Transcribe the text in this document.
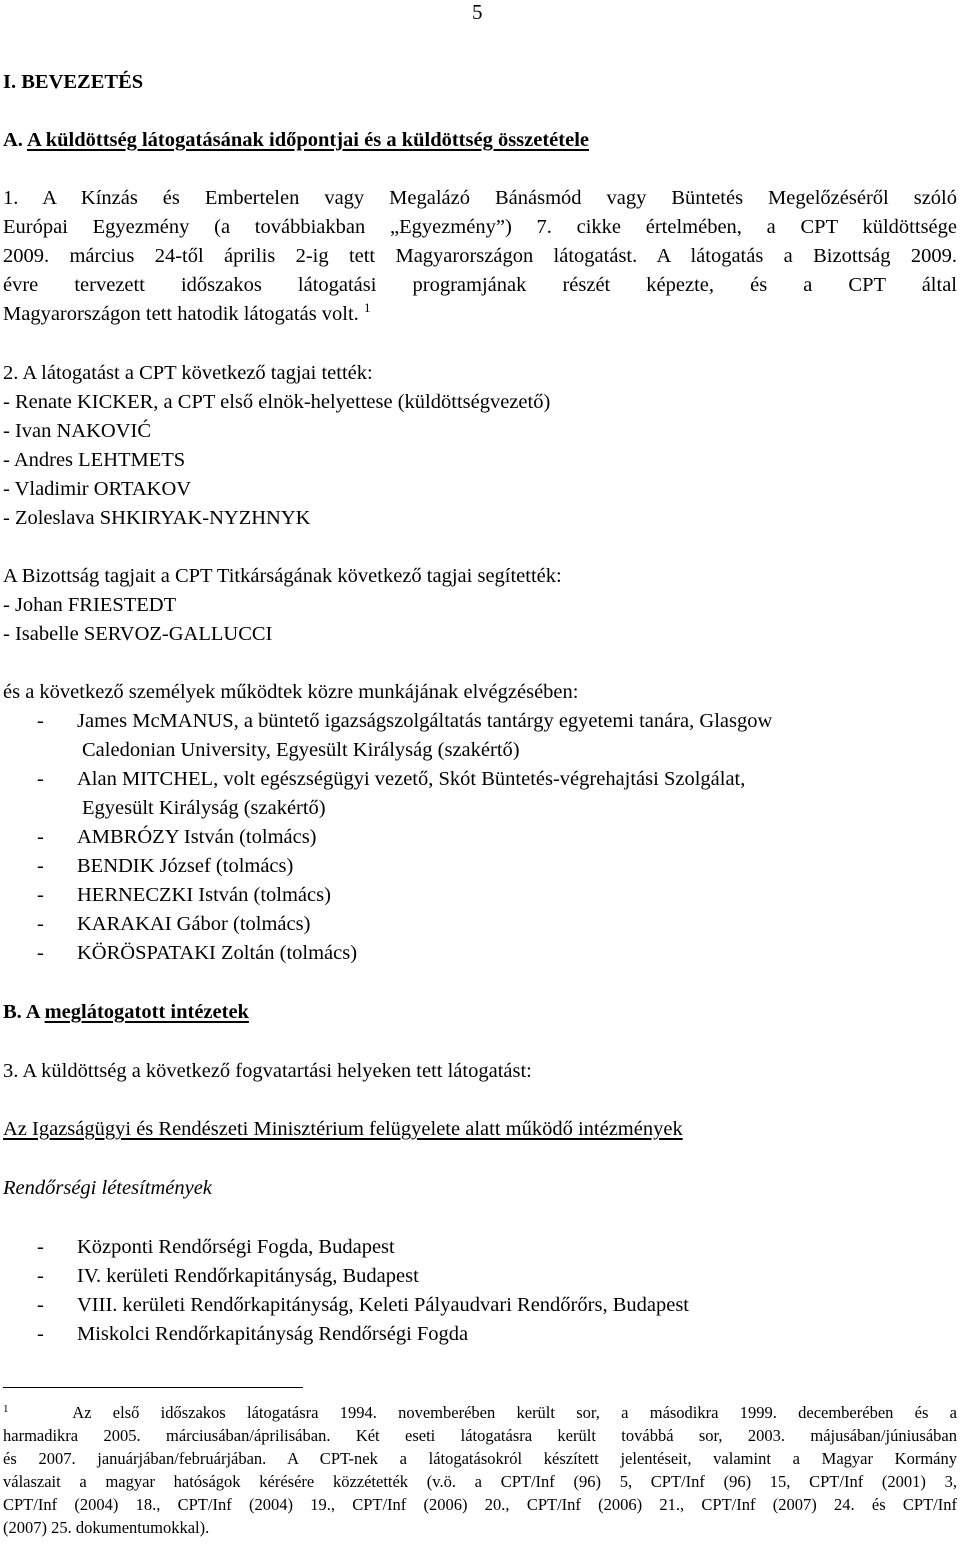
5
I. BEVEZETÉS
A. A küldöttség látogatásának időpontjai és a küldöttség összetétele
1. A Kínzás és Embertelen vagy Megalázó Bánásmód vagy Büntetés Megelőzéséről szóló
Európai Egyezmény (a továbbiakban „Egyezmény”) 7. cikke értelmében, a CPT küldöttsége
2009. március 24-től április 2-ig tett Magyarországon látogatást. A látogatás a Bizottság 2009.
évre tervezett időszakos látogatási programjának részét képezte, és a CPT által
Magyarországon tett hatodik látogatás volt. $^1$
2. A látogatást a CPT következő tagjai tették:
- Renate KICKER, a CPT első elnök-helyettese (küldöttségvezető)
- Ivan NAKOVIĆ
- Andres LEHTMETS
- Vladimir ORTAKOV
- Zoleslava SHKIRYAK-NYZHNYK
A Bizottság tagjait a CPT Titkárságának következő tagjai segítették:
- Johan FRIESTEDT
- Isabelle SERVOZ-GALLUCCI
és a következő személyek működtek közre munkájának elvégzésében:
- James McMANUS, a büntető igazságszolgáltatás tantárgy egyetemi tanára, Glasgow
Caledonian University, Egyesült Királyság (szakértő)
- Alan MITCHEL, volt egészségügyi vezető, Skót Büntetés-végrehajtási Szolgálat,
Egyesült Királyság (szakértő)
- AMBRÓZY István (tolmács)
- BENDIK József (tolmács)
- HERNECZKI István (tolmács)
- KARAKAI Gábor (tolmács)
- KÖRÖSPATAKI Zoltán (tolmács)
B. A meglátogatott intézetek
3. A küldöttség a következő fogvatartási helyeken tett látogatást:
Az Igazságügyi és Rendészeti Minisztérium felügyelete alatt működő intézmények
Rendőrségi létesítmények
- Központi Rendőrségi Fogda, Budapest
- IV. kerületi Rendőrkapitányság, Budapest
- VIII. kerületi Rendőrkapitányság, Keleti Pályaudvari Rendőrőrs, Budapest
- Miskolci Rendőrkapitányság Rendőrségi Fogda
$^1$	Az első időszakos látogatásra 1994. novemberében került sor, a másodikra 1999. decemberében és a
harmadikra 2005. márciusában/áprilisában. Két eseti látogatásra került továbbá sor, 2003. májusában/júniusában
és 2007. januárjában/februárjában. A CPT-nek a látogatásokról készített jelentéseit, valamint a Magyar Kormány
válaszait a magyar hatóságok kérésére közzétették (v.ö. a CPT/Inf (96) 5, CPT/Inf (96) 15, CPT/Inf (2001) 3,
CPT/Inf (2004) 18., CPT/Inf (2004) 19., CPT/Inf (2006) 20., CPT/Inf (2006) 21., CPT/Inf (2007) 24. és CPT/Inf
(2007) 25. dokumentumokkal).
